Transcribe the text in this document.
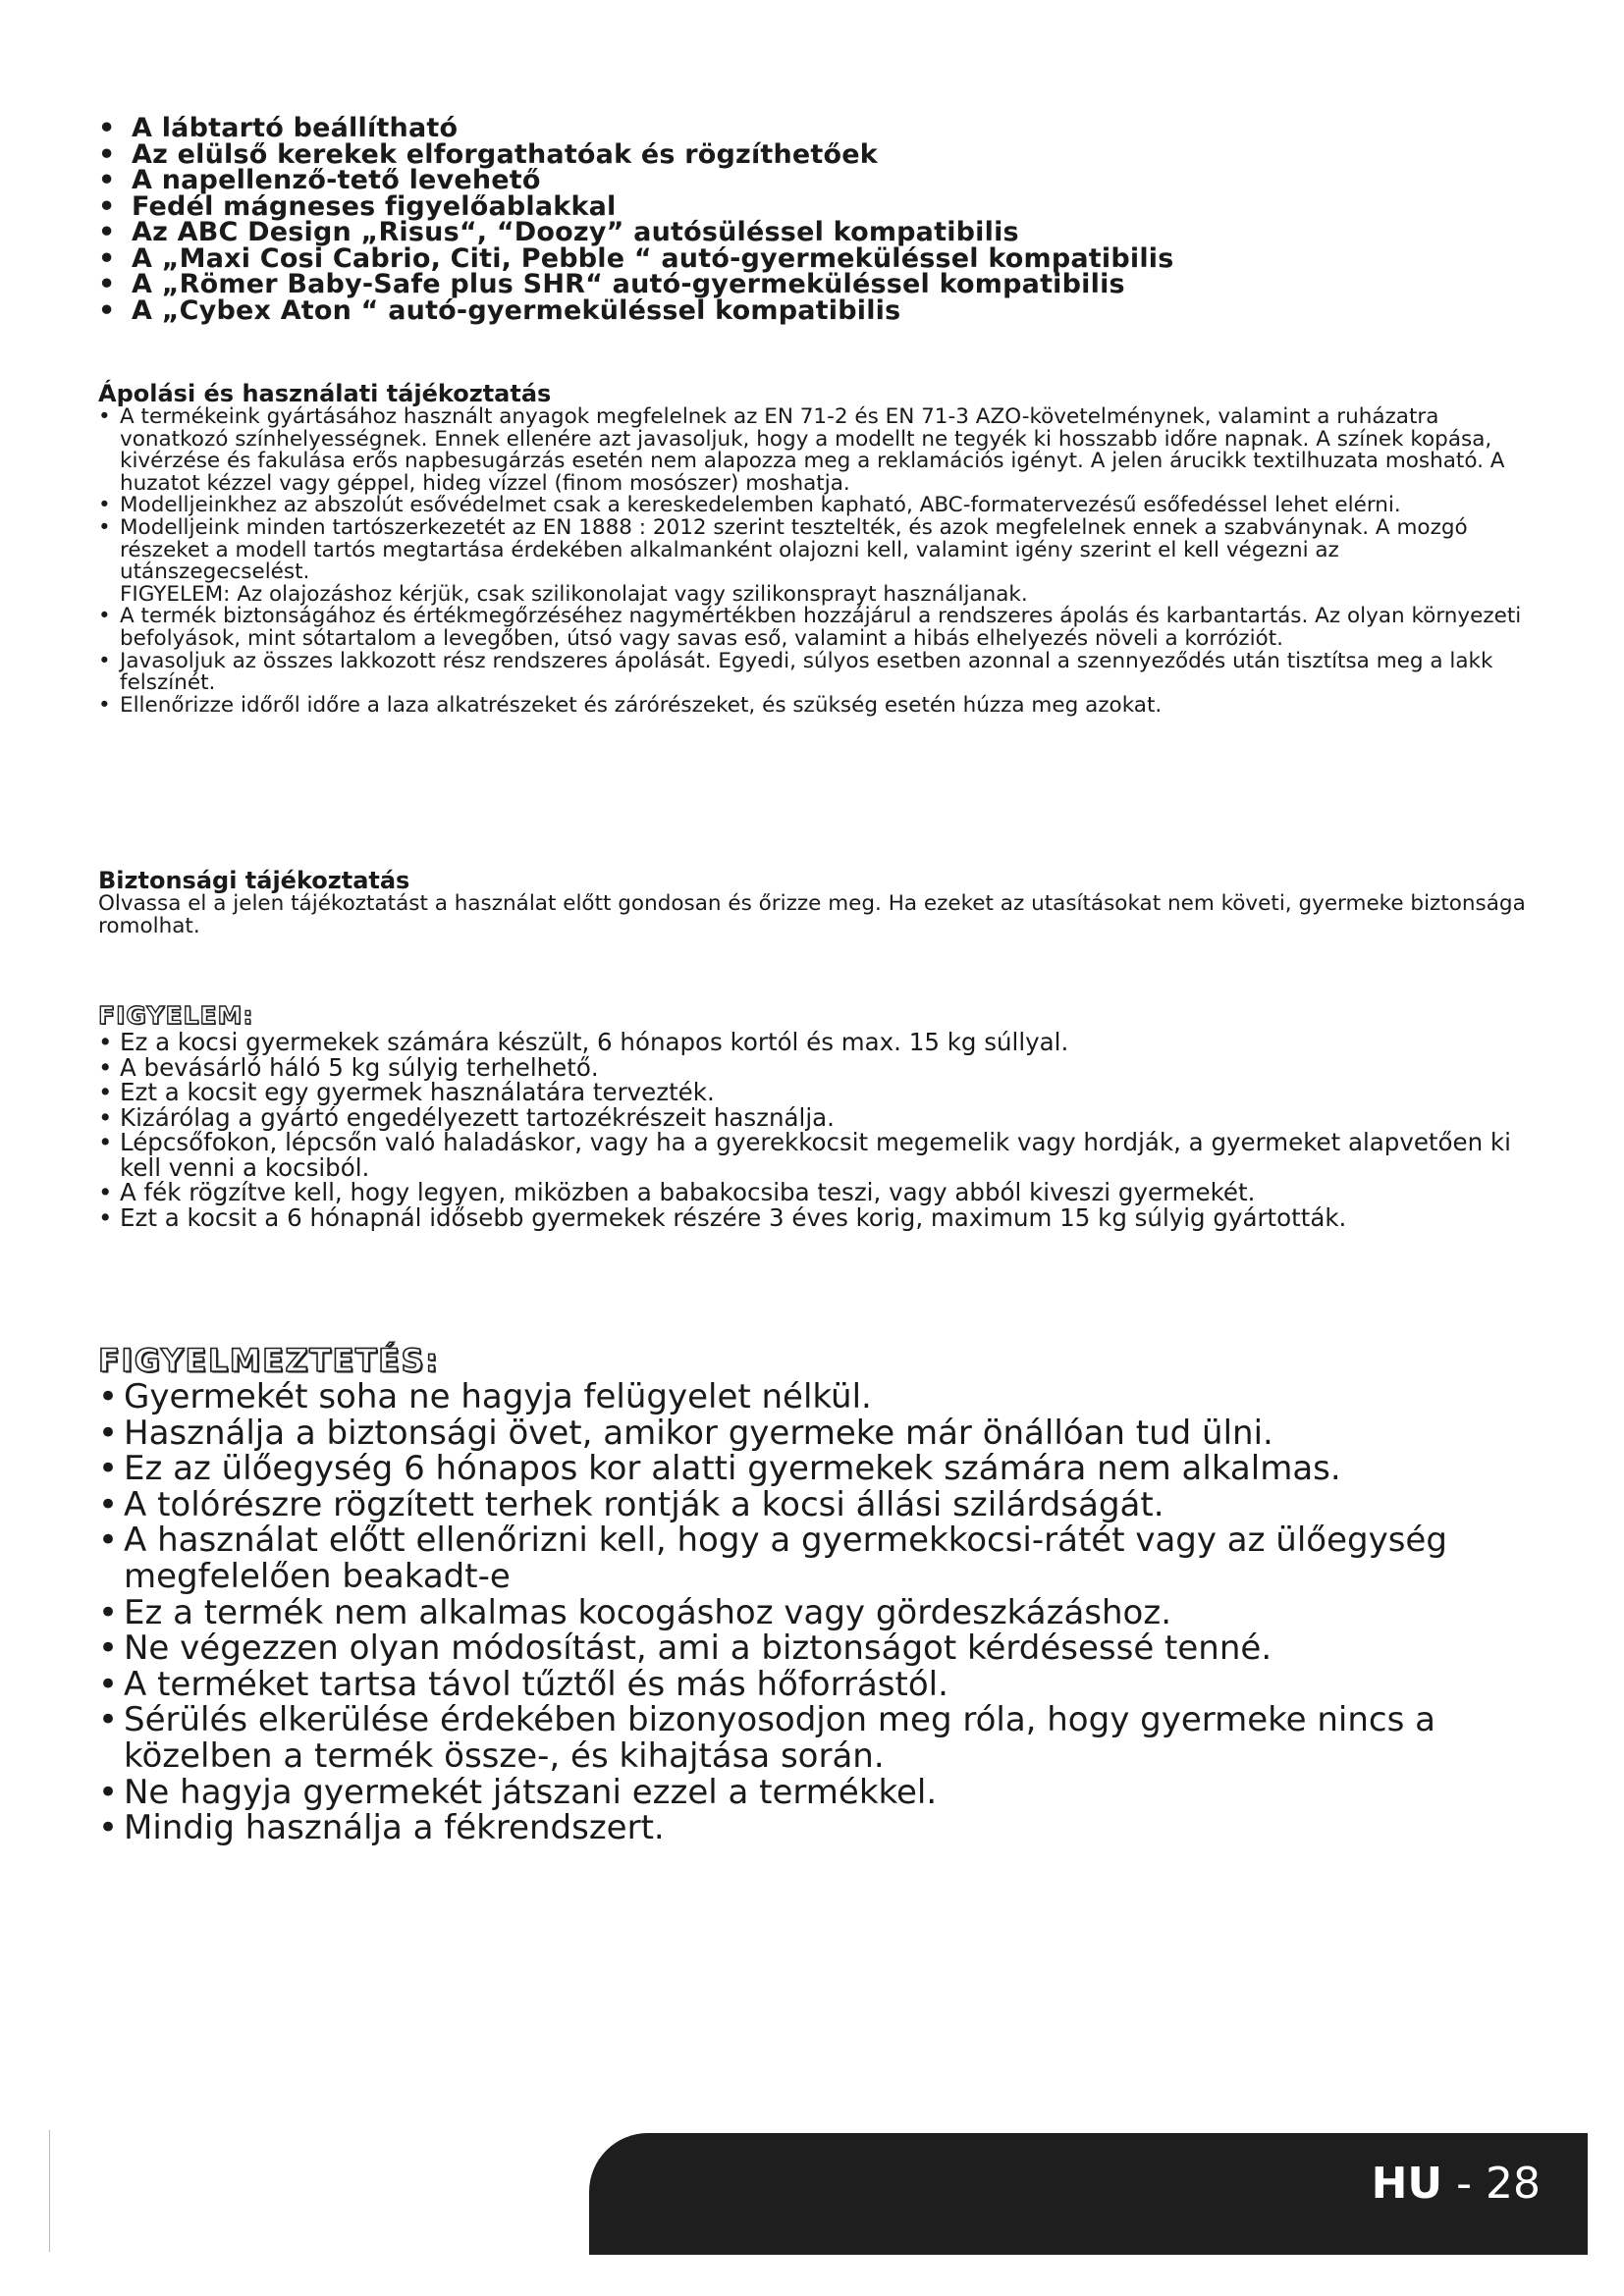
• A lábtartó beállítható
• Az elülső kerekek elforgathatóak és rögzíthetőek
• A napellenző-tető levehető
• Fedél mágneses figyelőablakkal
• Az ABC Design „Risus“, “Doozy” autósüléssel kompatibilis
• A „Maxi Cosi Cabrio, Citi, Pebble “ autó-gyermeküléssel kompatibilis
• A „Römer Baby-Safe plus SHR“ autó-gyermeküléssel kompatibilis
• A „Cybex Aton “ autó-gyermeküléssel kompatibilis
Ápolási és használati tájékoztatás
• A termékeink gyártásához használt anyagok megfelelnek az EN 71-2 és EN 71-3 AZO-követelménynek, valamint a ruházatra vonatkozó színhelyességnek. Ennek ellenére azt javasoljuk, hogy a modellt ne tegyék ki hosszabb időre napnak. A színek kopása, kivérzése és fakulása erős napbesugárzás esetén nem alapozza meg a reklamációs igényt. A jelen árucikk textilhuzata mosható. A huzatot kézzel vagy géppel, hideg vízzel (finom mosószer) moshatja.
• Modelljeinkhez az abszolút esővédelmet csak a kereskedelemben kapható, ABC-formatervezésű esőfedéssel lehet elérni.
• Modelljeink minden tartószerkezetét az EN 1888 : 2012 szerint tesztelték, és azok megfelelnek ennek a szabványnak. A mozgó részeket a modell tartós megtartása érdekében alkalmanként olajozni kell, valamint igény szerint el kell végezni az utánszegecselést.
FIGYELEM: Az olajozáshoz kérjük, csak szilikonolajat vagy szilikonsprayt használjanak.
• A termék biztonságához és értékmegőrzéséhez nagymértékben hozzájárul a rendszeres ápolás és karbantartás. Az olyan környezeti befolyások, mint sótartalom a levegőben, útsó vagy savas eső, valamint a hibás elhelyezés növeli a korróziót.
• Javasoljuk az összes lakkozott rész rendszeres ápolását. Egyedi, súlyos esetben azonnal a szennyeződés után tisztítsa meg a lakk felszínét.
• Ellenőrizze időről időre a laza alkatrészeket és zárórészeket, és szükség esetén húzza meg azokat.
Biztonsági tájékoztatás

Olvassa el a jelen tájékoztatást a használat előtt gondosan és őrizze meg. Ha ezeket az utasításokat nem követi, gyermeke biztonsága romolhat.

FIGYELEM:
• Ez a kocsi gyermekek számára készült, 6 hónapos kortól és max. 15 kg súllyal.
• A bevásárló háló 5 kg súlyig terhelhető.
• Ezt a kocsit egy gyermek használatára tervezték.
• Kizárólag a gyártó engedélyezett tartozékrészeit használja.
• Lépcsőfokon, lépcsőn való haladáskor, vagy ha a gyerekkocsit megemelik vagy hordják, a gyermeket alapvetően ki kell venni a kocsiból.
• A fék rögzítve kell, hogy legyen, miközben a babakocsiba teszi, vagy abból kiveszi gyermekét.
• Ezt a kocsit a 6 hónapnál idősebb gyermekek részére 3 éves korig, maximum 15 kg súlyig gyártották.
FIGYELMEZTETÉS:
• Gyermekét soha ne hagyja felügyelet nélkül.
• Használja a biztonsági övet, amikor gyermeke már önállóan tud ülni.
• Ez az ülőegység 6 hónapos kor alatti gyermekek számára nem alkalmas.
• A tolórészre rögzített terhek rontják a kocsi állási szilárdságát.
• A használat előtt ellenőrizni kell, hogy a gyermekkocsi-rátét vagy az ülőegység megfelelően beakadt-e
• Ez a termék nem alkalmas kocogáshoz vagy gördeszkázáshoz.
• Ne végezzen olyan módosítást, ami a biztonságot kérdésessé tenné.
• A terméket tartsa távol tűztől és más hőforrástól.
• Sérülés elkerülése érdekében bizonyosodjon meg róla, hogy gyermeke nincs a közelben a termék össze-, és kihajtása során.
• Ne hagyja gyermekét játszani ezzel a termékkel.
• Mindig használja a fékrendszert.
HU - 28
